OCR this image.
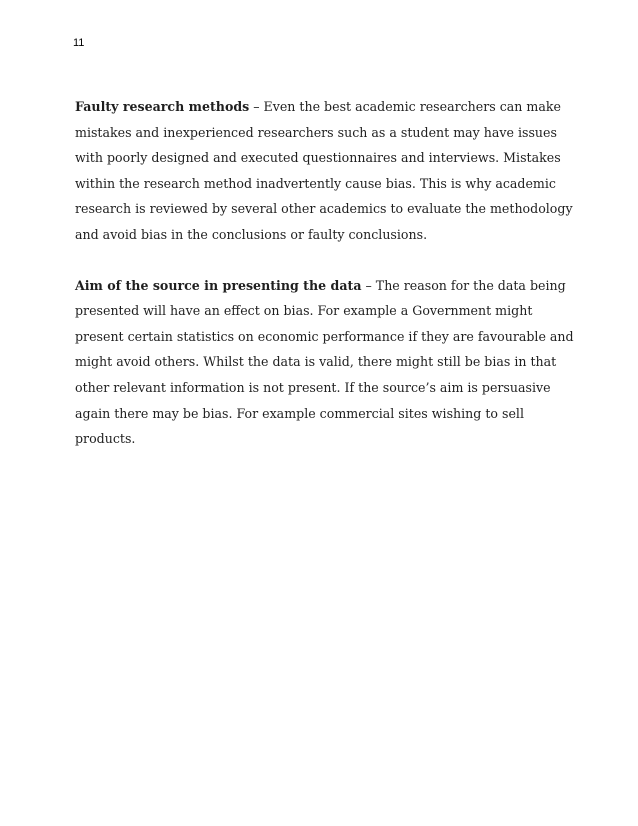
11

Faulty research methods – Even the best academic researchers can make mistakes and inexperienced researchers such as a student may have issues with poorly designed and executed questionnaires and interviews. Mistakes within the research method inadvertently cause bias. This is why academic research is reviewed by several other academics to evaluate the methodology and avoid bias in the conclusions or faulty conclusions.

Aim of the source in presenting the data – The reason for the data being presented will have an effect on bias. For example a Government might present certain statistics on economic performance if they are favourable and might avoid others. Whilst the data is valid, there might still be bias in that other relevant information is not present. If the source’s aim is persuasive again there may be bias. For example commercial sites wishing to sell products.
